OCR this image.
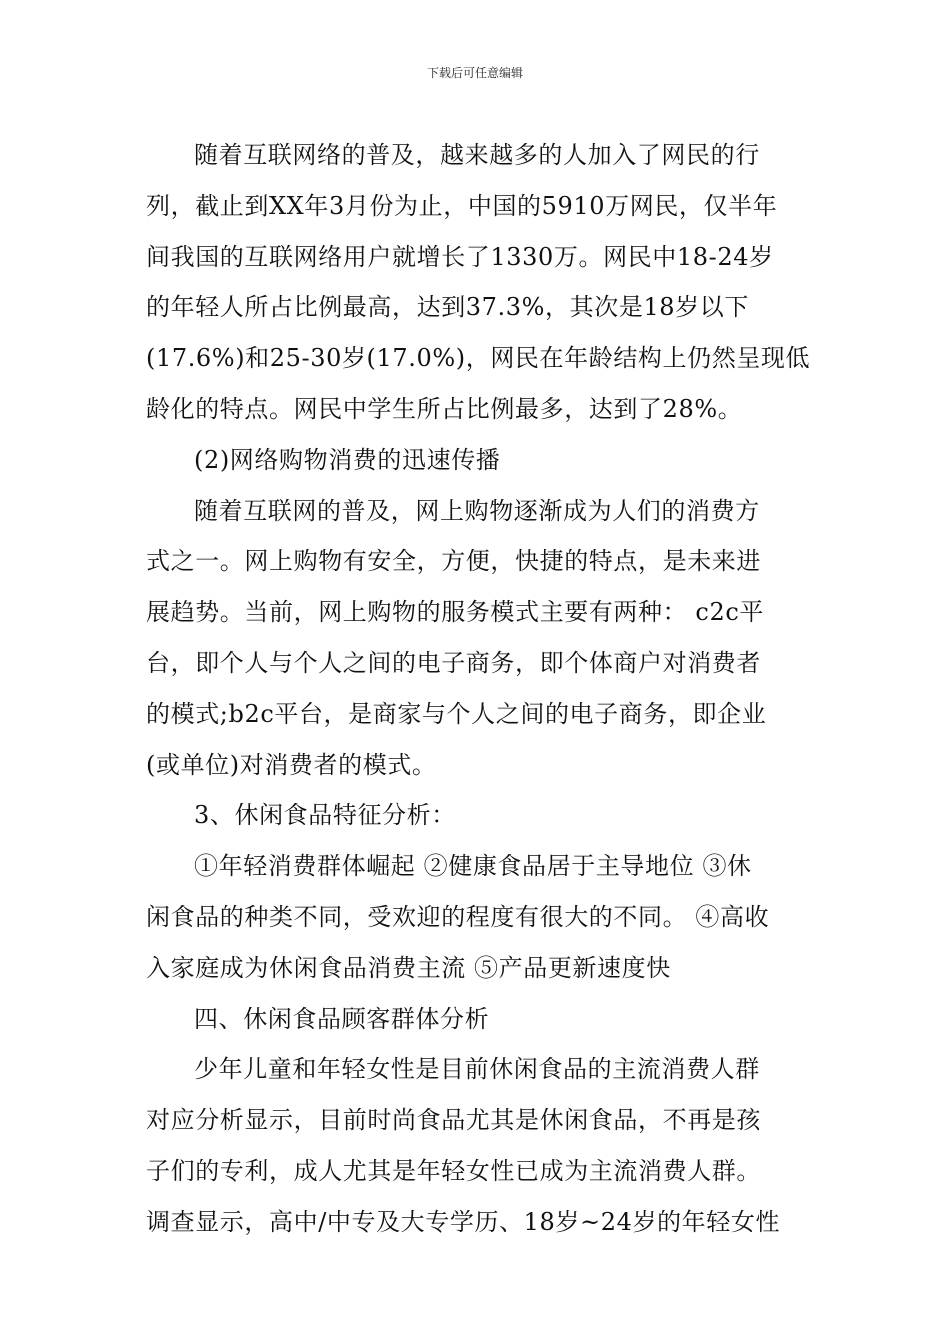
下载后可任意编辑
随着互联网络的普及，越来越多的人加入了网民的行
列，截止到XX年3月份为止，中国的5910万网民，仅半年
间我国的互联网络用户就增长了1330万。网民中18-24岁
的年轻人所占比例最高，达到37.3%，其次是18岁以下
(17.6%)和25-30岁(17.0%)，网民在年龄结构上仍然呈现低
龄化的特点。网民中学生所占比例最多，达到了28%。
(2)网络购物消费的迅速传播
随着互联网的普及，网上购物逐渐成为人们的消费方
式之一。网上购物有安全，方便，快捷的特点，是未来进
展趋势。当前，网上购物的服务模式主要有两种： c2c平
台，即个人与个人之间的电子商务，即个体商户对消费者
的模式;b2c平台，是商家与个人之间的电子商务，即企业
(或单位)对消费者的模式。
3、休闲食品特征分析：
①年轻消费群体崛起 ②健康食品居于主导地位 ③休
闲食品的种类不同，受欢迎的程度有很大的不同。 ④高收
入家庭成为休闲食品消费主流 ⑤产品更新速度快
四、休闲食品顾客群体分析
少年儿童和年轻女性是目前休闲食品的主流消费人群
对应分析显示，目前时尚食品尤其是休闲食品，不再是孩
子们的专利，成人尤其是年轻女性已成为主流消费人群。
调查显示，高中/中专及大专学历、18岁~24岁的年轻女性
